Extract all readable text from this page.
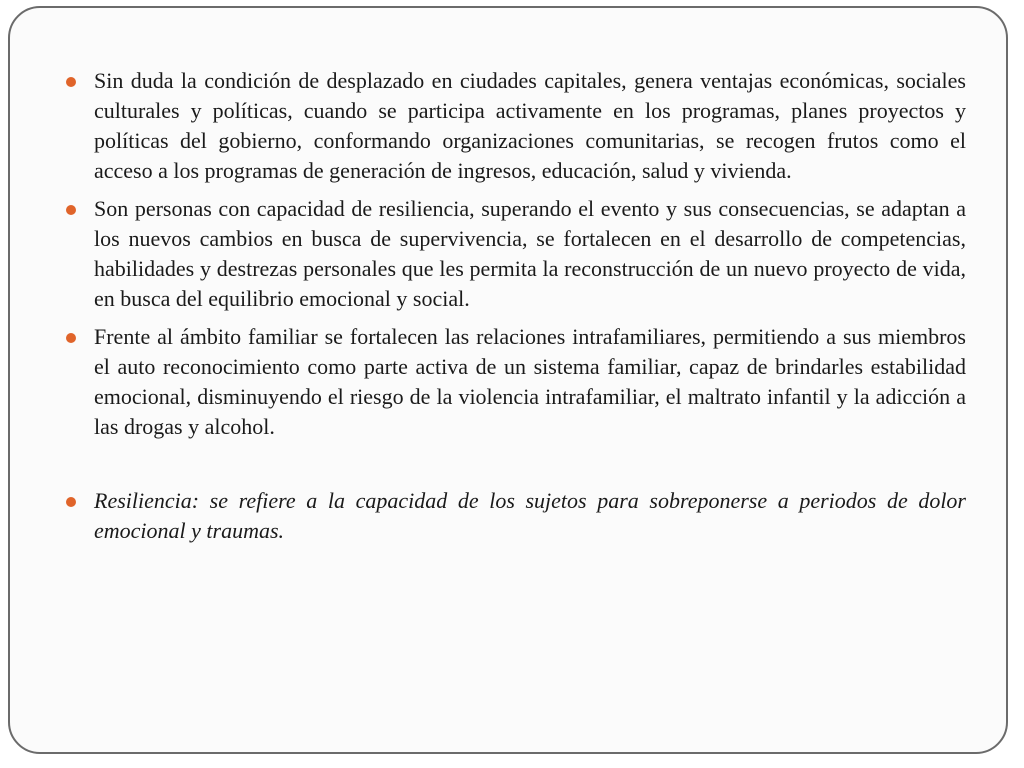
Sin duda la condición de desplazado en ciudades capitales, genera ventajas económicas, sociales culturales y políticas, cuando se participa activamente en los programas, planes proyectos y políticas del gobierno, conformando organizaciones comunitarias, se recogen frutos como el acceso a los programas de generación de ingresos, educación, salud y vivienda.
Son personas con capacidad de resiliencia, superando el evento y sus consecuencias, se adaptan a los nuevos cambios en busca de supervivencia, se fortalecen en el desarrollo de competencias, habilidades y destrezas personales que les permita la reconstrucción de un nuevo proyecto de vida, en busca del equilibrio emocional y social.
Frente al ámbito familiar se fortalecen las relaciones intrafamiliares, permitiendo a sus miembros el auto reconocimiento como parte activa de un sistema familiar, capaz de brindarles estabilidad emocional, disminuyendo el riesgo de la violencia intrafamiliar, el maltrato infantil y la adicción a las drogas y alcohol.
Resiliencia: se refiere a la capacidad de los sujetos para sobreponerse a periodos de dolor emocional y traumas.
